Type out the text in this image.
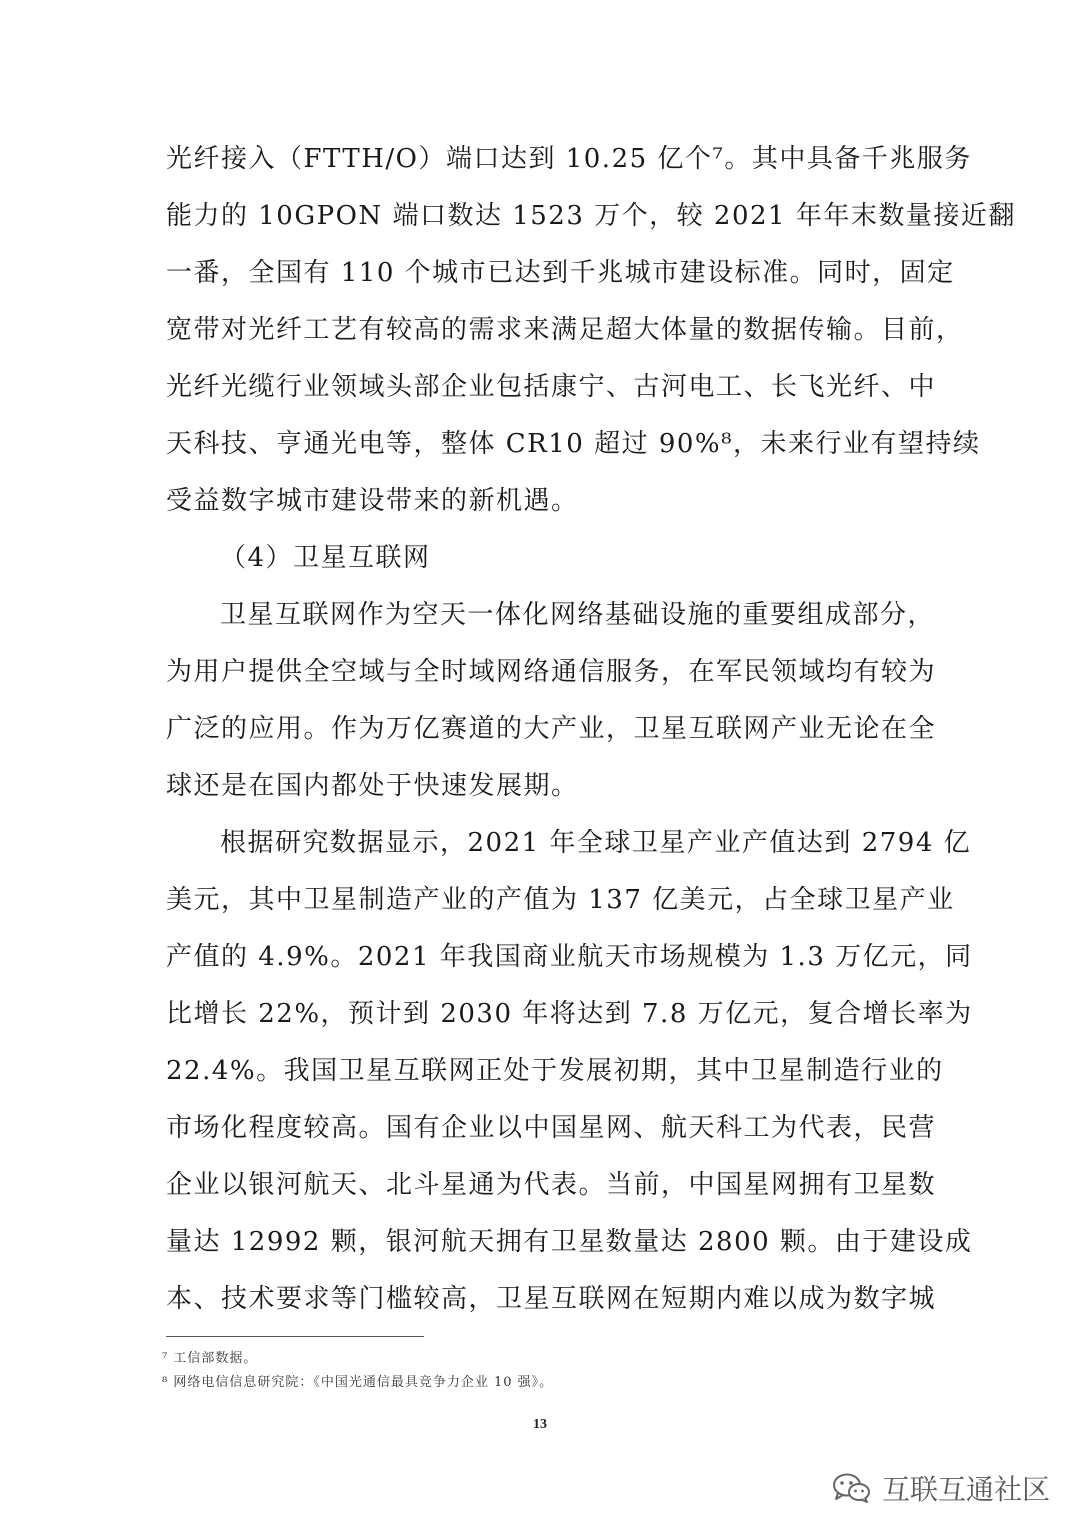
光纤接入（FTTH/O）端口达到 10.25 亿个⁷。其中具备千兆服务
能力的 10GPON 端口数达 1523 万个，较 2021 年年末数量接近翻
一番，全国有 110 个城市已达到千兆城市建设标准。同时，固定
宽带对光纤工艺有较高的需求来满足超大体量的数据传输。目前，
光纤光缆行业领域头部企业包括康宁、古河电工、长飞光纤、中
天科技、亨通光电等，整体 CR10 超过 90%⁸，未来行业有望持续
受益数字城市建设带来的新机遇。
（4）卫星互联网
卫星互联网作为空天一体化网络基础设施的重要组成部分，
为用户提供全空域与全时域网络通信服务，在军民领域均有较为
广泛的应用。作为万亿赛道的大产业，卫星互联网产业无论在全
球还是在国内都处于快速发展期。
根据研究数据显示，2021 年全球卫星产业产值达到 2794 亿
美元，其中卫星制造产业的产值为 137 亿美元，占全球卫星产业
产值的 4.9%。2021 年我国商业航天市场规模为 1.3 万亿元，同
比增长 22%，预计到 2030 年将达到 7.8 万亿元，复合增长率为
22.4%。我国卫星互联网正处于发展初期，其中卫星制造行业的
市场化程度较高。国有企业以中国星网、航天科工为代表，民营
企业以银河航天、北斗星通为代表。当前，中国星网拥有卫星数
量达 12992 颗，银河航天拥有卫星数量达 2800 颗。由于建设成
本、技术要求等门槛较高，卫星互联网在短期内难以成为数字城
⁷ 工信部数据。
⁸ 网络电信信息研究院：《中国光通信最具竞争力企业 10 强》。
13
互联互通社区
